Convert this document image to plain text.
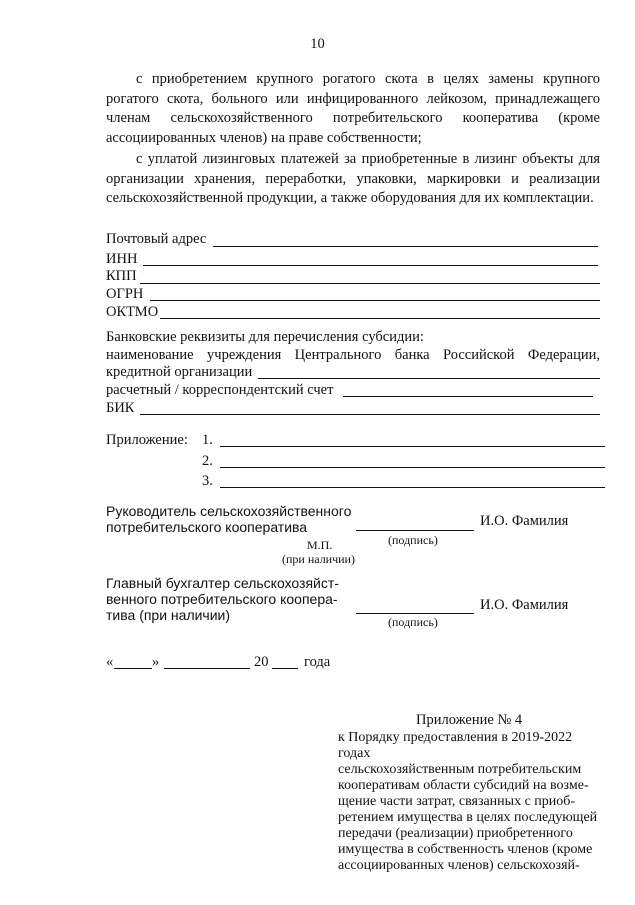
10
с приобретением крупного рогатого скота в целях замены крупного рогатого скота, больного или инфицированного лейкозом, принадлежащего членам сельскохозяйственного потребительского кооператива (кроме ассоциированных членов) на праве собственности;
с уплатой лизинговых платежей за приобретенные в лизинг объекты для организации хранения, переработки, упаковки, маркировки и реализации сельскохозяйственной продукции, а также оборудования для их комплектации.
Почтовый адрес
ИНН
КПП
ОГРН
ОКТМО
Банковские реквизиты для перечисления субсидии:
наименование учреждения Центрального банка Российской Федерации,
кредитной организации
расчетный / корреспондентский счет
БИК
Приложение: 1.
2.
3.
Руководитель сельскохозяйственного
потребительского кооператива	И.О. Фамилия
(подпись)
М.П.
(при наличии)
Главный бухгалтер сельскохозяйст-
венного потребительского коопера-
тива (при наличии)
И.О. Фамилия
(подпись)
«	»	20 года
Приложение № 4
к Порядку предоставления в 2019-2022 годах
сельскохозяйственным потребительским
кооперативам области субсидий на возме-
щение части затрат, связанных с приоб-
ретением имущества в целях последующей
передачи (реализации) приобретенного
имущества в собственность членов (кроме
ассоциированных членов) сельскохозяй-
